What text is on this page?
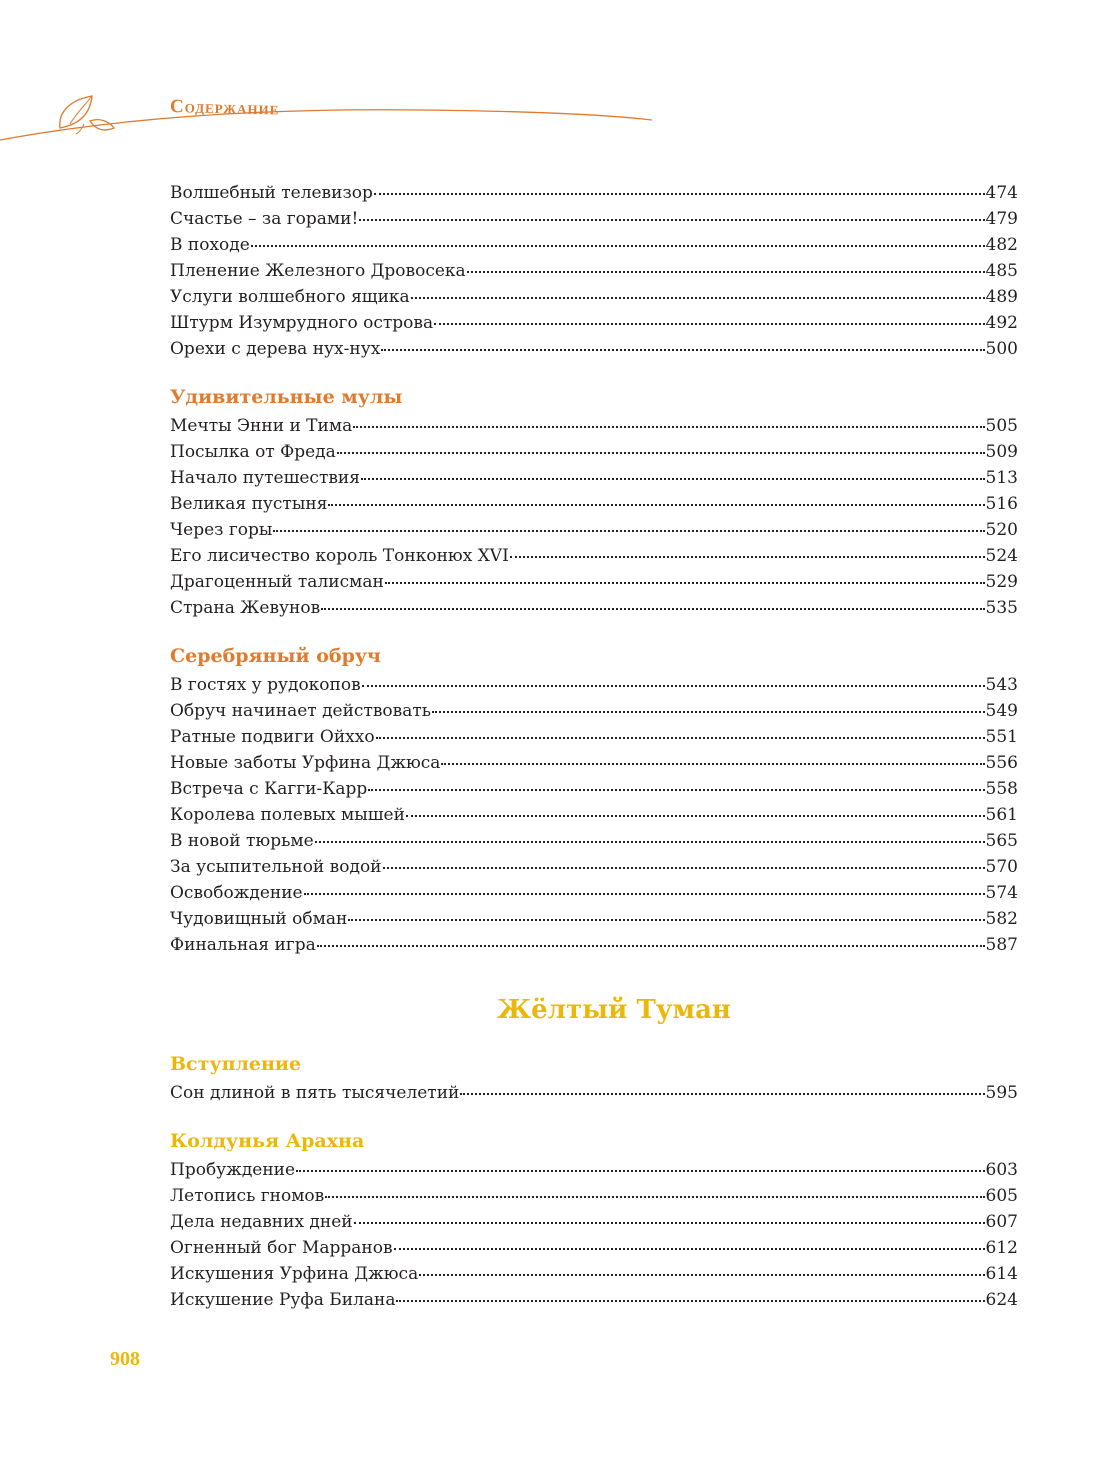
Содержание
Волшебный телевизор	474
Счастье – за горами!	479
В походе	482
Пленение Железного Дровосека	485
Услуги волшебного ящика	489
Штурм Изумрудного острова	492
Орехи с дерева нух-нух	500
Удивительные мулы
Мечты Энни и Тима	505
Посылка от Фреда	509
Начало путешествия	513
Великая пустыня	516
Через горы	520
Его лисичество король Тонконюх XVI	524
Драгоценный талисман	529
Страна Жевунов	535
Серебряный обруч
В гостях у рудокопов	543
Обруч начинает действовать	549
Ратные подвиги Ойххо	551
Новые заботы Урфина Джюса	556
Встреча с Кагги-Карр	558
Королева полевых мышей	561
В новой тюрьме	565
За усыпительной водой	570
Освобождение	574
Чудовищный обман	582
Финальная игра	587
Жёлтый Туман
Вступление
Сон длиной в пять тысячелетий	595
Колдунья Арахна
Пробуждение	603
Летопись гномов	605
Дела недавних дней	607
Огненный бог Марранов	612
Искушения Урфина Джюса	614
Искушение Руфа Билана	624
908
